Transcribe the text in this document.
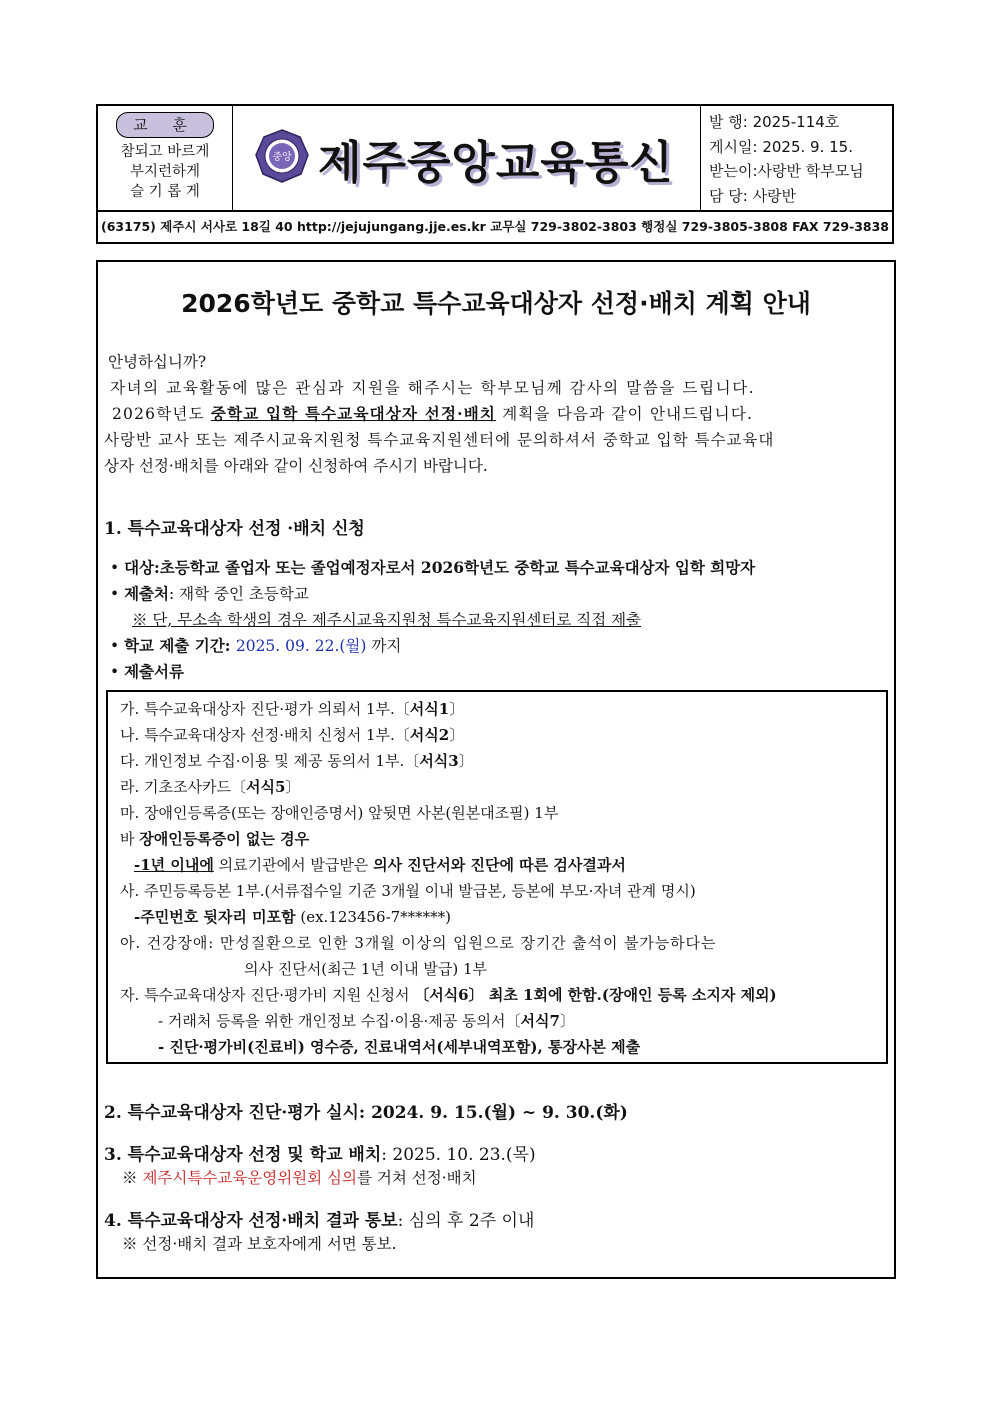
교 훈
참되고 바르게
부지런하게
슬 기 롭 게
중앙 제주중앙교육통신
발 행: 2025-114호
게시일: 2025. 9. 15.
받는이:사랑반 학부모님
담 당: 사랑반
(63175) 제주시 서사로 18길 40 http://jejujungang.jje.es.kr 교무실 729-3802-3803 행정실 729-3805-3808 FAX 729-3838
2026학년도 중학교 특수교육대상자 선정·배치 계획 안내
안녕하십니까?
자녀의 교육활동에 많은 관심과 지원을 해주시는 학부모님께 감사의 말씀을 드립니다.
2026학년도 중학교 입학 특수교육대상자 선정·배치 계획을 다음과 같이 안내드립니다.
사랑반 교사 또는 제주시교육지원청 특수교육지원센터에 문의하셔서 중학교 입학 특수교육대
상자 선정·배치를 아래와 같이 신청하여 주시기 바랍니다.
1. 특수교육대상자 선정 ·배치 신청
• 대상:초등학교 졸업자 또는 졸업예정자로서 2026학년도 중학교 특수교육대상자 입학 희망자
• 제출처: 재학 중인 초등학교
※ 단, 무소속 학생의 경우 제주시교육지원청 특수교육지원센터로 직접 제출
• 학교 제출 기간: 2025. 09. 22.(월) 까지
• 제출서류
가. 특수교육대상자 진단·평가 의뢰서 1부.〔서식1〕
나. 특수교육대상자 선정·배치 신청서 1부.〔서식2〕
다. 개인정보 수집·이용 및 제공 동의서 1부.〔서식3〕
라. 기초조사카드〔서식5〕
마. 장애인등록증(또는 장애인증명서) 앞뒷면 사본(원본대조필) 1부
바 장애인등록증이 없는 경우
-1년 이내에 의료기관에서 발급받은 의사 진단서와 진단에 따른 검사결과서
사. 주민등록등본 1부.(서류접수일 기준 3개월 이내 발급본, 등본에 부모·자녀 관계 명시)
-주민번호 뒷자리 미포함 (ex.123456-7******)
아. 건강장애: 만성질환으로 인한 3개월 이상의 입원으로 장기간 출석이 불가능하다는
의사 진단서(최근 1년 이내 발급) 1부
자. 특수교육대상자 진단·평가비 지원 신청서 〔서식6〕 최초 1회에 한함.(장애인 등록 소지자 제외)
- 거래처 등록을 위한 개인정보 수집·이용·제공 동의서〔서식7〕
- 진단·평가비(진료비) 영수증, 진료내역서(세부내역포함), 통장사본 제출
2. 특수교육대상자 진단·평가 실시: 2024. 9. 15.(월) ~ 9. 30.(화)
3. 특수교육대상자 선정 및 학교 배치: 2025. 10. 23.(목)
※ 제주시특수교육운영위원회 심의를 거쳐 선정·배치
4. 특수교육대상자 선정·배치 결과 통보: 심의 후 2주 이내
※ 선정·배치 결과 보호자에게 서면 통보.
